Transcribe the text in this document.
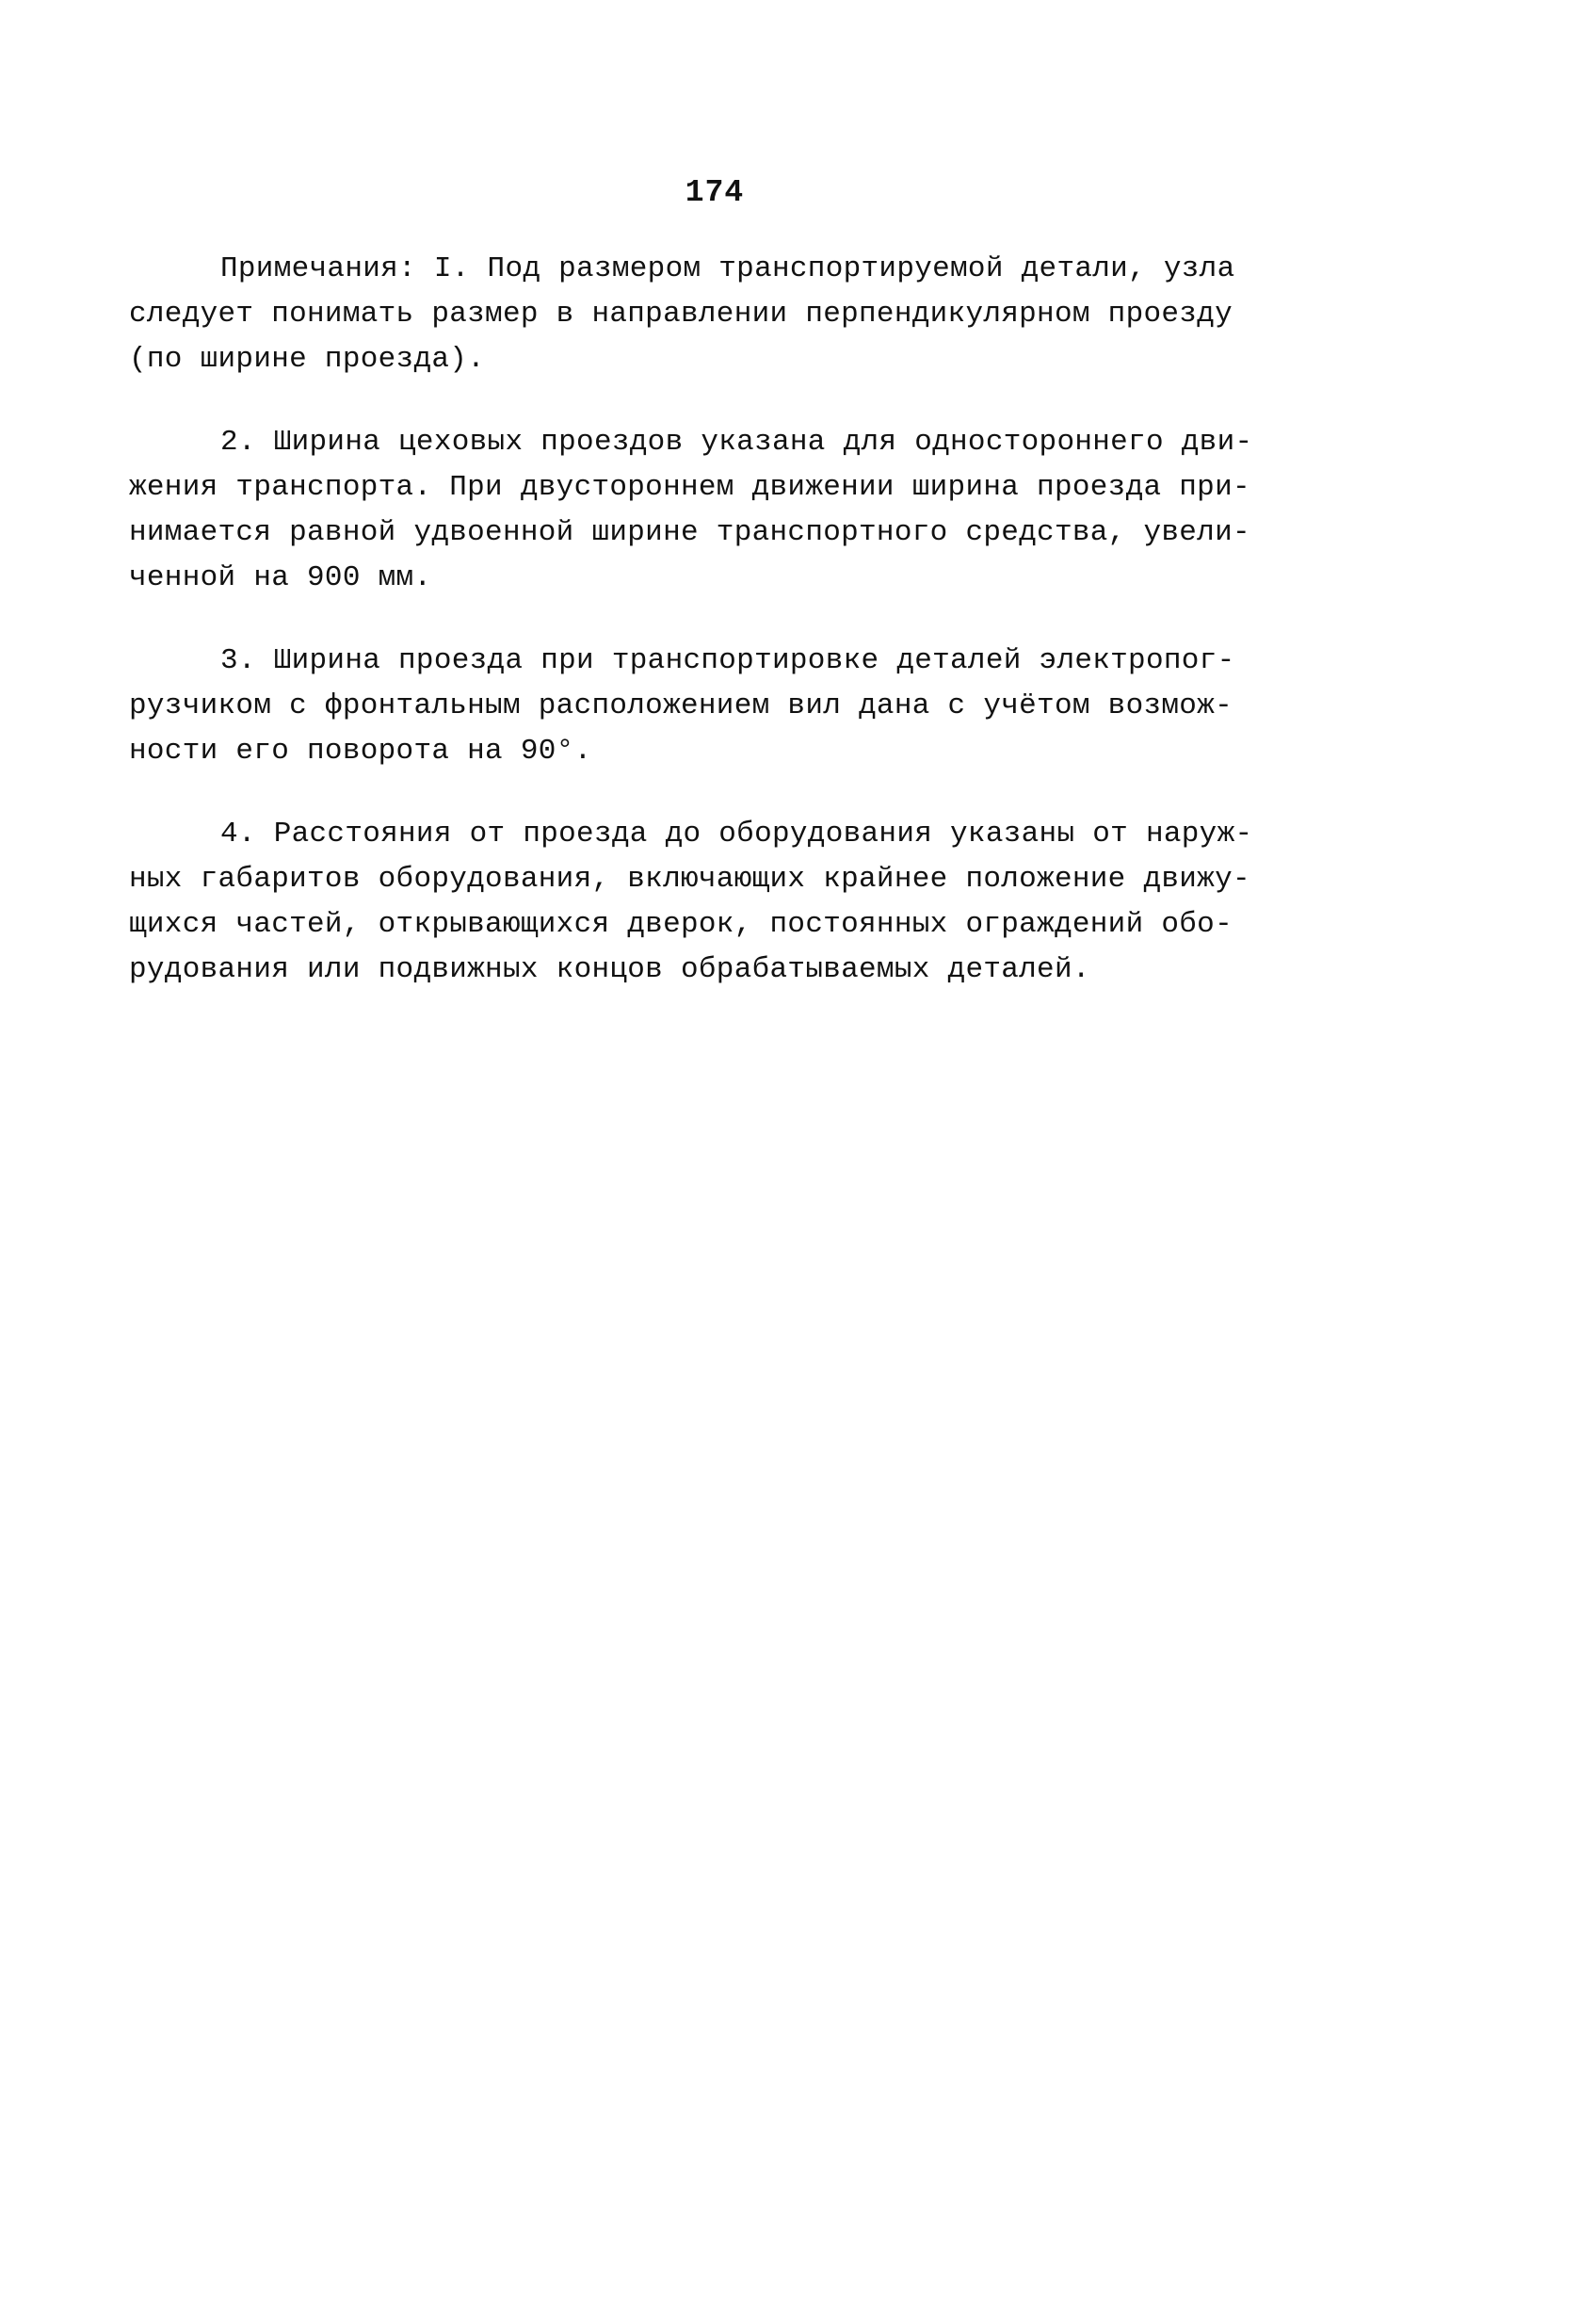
174
Примечания: I. Под размером транспортируемой детали, узла
следует понимать размер в направлении перпендикулярном проезду
(по ширине проезда).
2. Ширина цеховых проездов указана для одностороннего дви-
жения транспорта. При двустороннем движении ширина проезда при-
нимается равной удвоенной ширине транспортного средства, увели-
ченной на 900 мм.
3. Ширина проезда при транспортировке деталей электропог-
рузчиком с фронтальным расположением вил дана с учётом возмож-
ности его поворота на 90°.
4. Расстояния от проезда до оборудования указаны от наруж-
ных габаритов оборудования, включающих крайнее положение движу-
щихся частей, открывающихся дверок, постоянных ограждений обо-
рудования или подвижных концов обрабатываемых деталей.
